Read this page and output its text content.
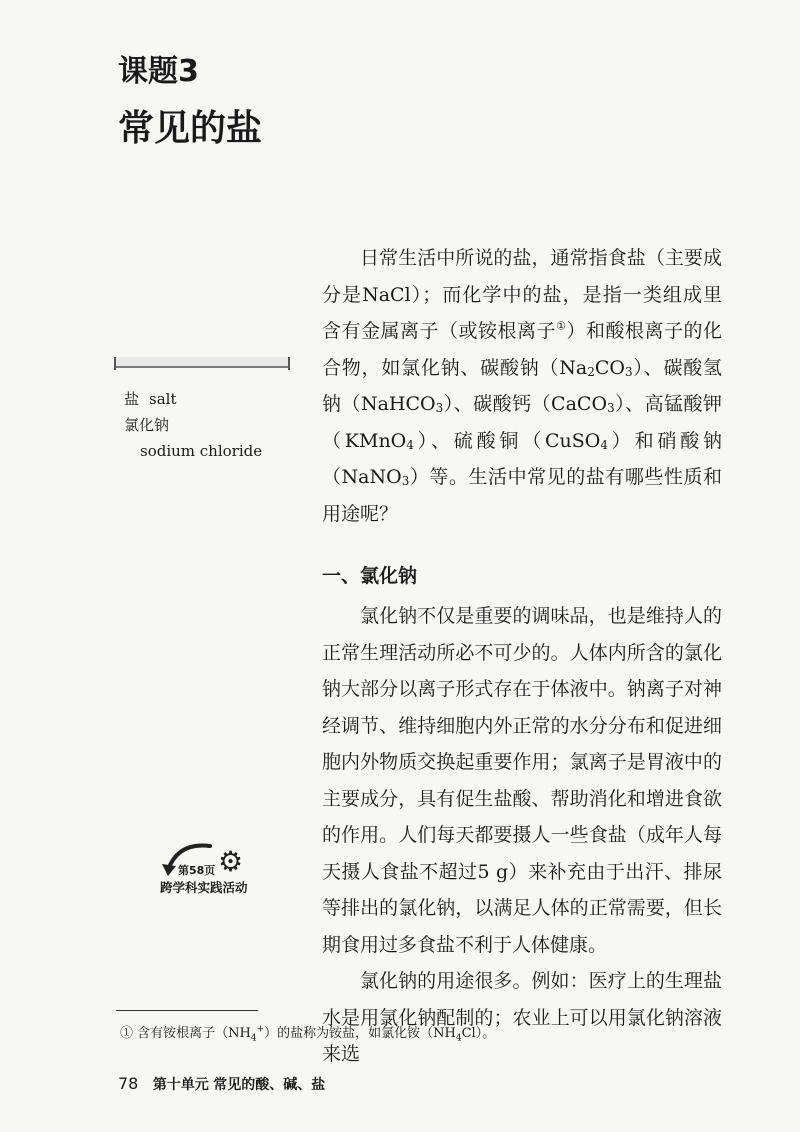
课题3
常见的盐

日常生活中所说的盐，通常指食盐（主要成分是NaCl）；而化学中的盐，是指一类组成里含有金属离子（或铵根离子①）和酸根离子的化合物，如氯化钠、碳酸钠$(Na_2CO_3)$、碳酸氢钠（NaHCO$_3$）、碳酸钙（CaCO$_3$）、高锰酸钾（KMnO$_4$）、硫酸铜（CuSO$_4$）和硝酸钠（NaNO$_3$）等。生活中常见的盐有哪些性质和用途呢？

一、氯化钠

氯化钠不仅是重要的调味品，也是维持人的正常生理活动所必不可少的。人体内所含的氯化钠大部分以离子形式存在于体液中。钠离子对神经调节、维持细胞内外正常的水分分布和促进细胞内外物质交换起重要作用；氯离子是胃液中的主要成分，具有促生盐酸、帮助消化和增进食欲的作用。人们每天都要摄人一些食盐（成年人每天摄人食盐不超过5 g）来补充由于出汗、排尿等排出的氯化钠，以满足人体的正常需要，但长期食用过多食盐不利于人体健康。

氯化钠的用途很多。例如：医疗上的生理盐水是用氯化钠配制的；农业上可以用氯化钠溶液来选

盐 salt
氯化钠
sodium chloride
⚙
第58页
跨学科实践活动
① 含有铵根离子$(NH_4^+)$的盐称为铵盐，如氯化铵$(NH_4Cl)$。
78 第十单元 常见的酸、碱、盐
